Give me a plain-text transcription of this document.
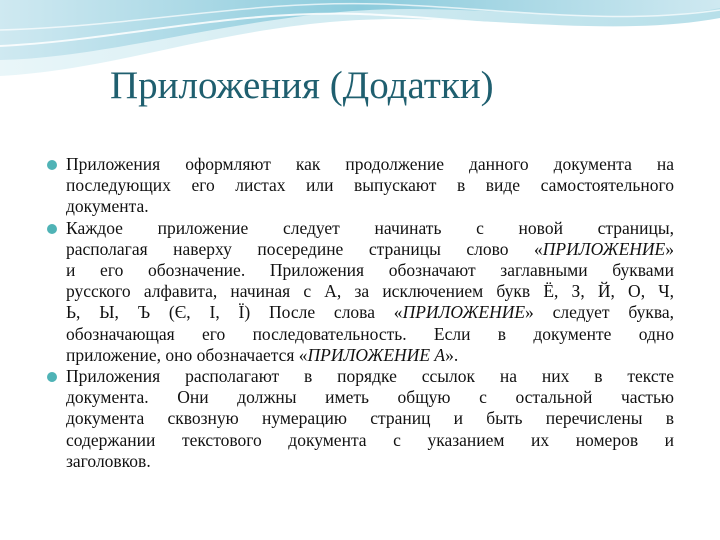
Приложения (Додатки)

Приложения оформляют как продолжение данного документа на
последующих его листах или выпускают в виде самостоятельного
документа.

Каждое приложение следует начинать с новой страницы,
располагая наверху посередине страницы слово «ПРИЛОЖЕНИЕ»
и его обозначение. Приложения обозначают заглавными буквами
русского алфавита, начиная с А, за исключением букв Ё, З, Й, О, Ч,
Ь, Ы, Ъ (Є, І, Ї) После слова «ПРИЛОЖЕНИЕ» следует буква,
обозначающая его последовательность. Если в документе одно
приложение, оно обозначается «ПРИЛОЖЕНИЕ А».

Приложения располагают в порядке ссылок на них в тексте
документа. Они должны иметь общую с остальной частью
документа сквозную нумерацию страниц и быть перечислены в
содержании текстового документа с указанием их номеров и
заголовков.
